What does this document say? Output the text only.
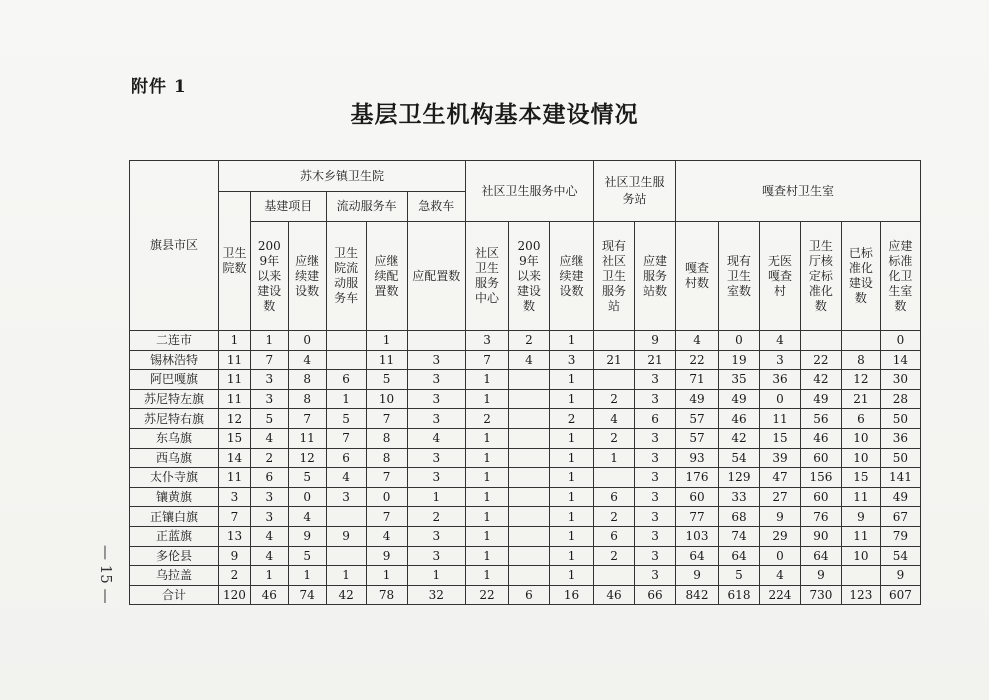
附件 1
基层卫生机构基本建设情况
— 15 —
旗县市区	苏木乡镇卫生院						社区卫生服务中心			社区卫生服务站		嘎查村卫生室					
	卫生院数	基建项目		流动服务车		急救车											
		2009年以来建设数	应继续建设数	卫生院流动服务车	应继续配置数	应配置数	社区卫生服务中心	2009年以来建设数	应继续建设数	现有社区卫生服务站	应建服务站数	嘎查村数	现有卫生室数	无医嘎查村	卫生厅核定标准化数	已标准化建设数	应建标准化卫生室数
二连市	1	1	0		1		3	2	1		9	4	0	4			0
锡林浩特	11	7	4		11	3	7	4	3	21	21	22	19	3	22	8	14
阿巴嘎旗	11	3	8	6	5	3	1		1		3	71	35	36	42	12	30
苏尼特左旗	11	3	8	1	10	3	1		1	2	3	49	49	0	49	21	28
苏尼特右旗	12	5	7	5	7	3	2		2	4	6	57	46	11	56	6	50
东乌旗	15	4	11	7	8	4	1		1	2	3	57	42	15	46	10	36
西乌旗	14	2	12	6	8	3	1		1	1	3	93	54	39	60	10	50
太仆寺旗	11	6	5	4	7	3	1		1		3	176	129	47	156	15	141
镶黄旗	3	3	0	3	0	1	1		1	6	3	60	33	27	60	11	49
正镶白旗	7	3	4		7	2	1		1	2	3	77	68	9	76	9	67
正蓝旗	13	4	9	9	4	3	1		1	6	3	103	74	29	90	11	79
多伦县	9	4	5		9	3	1		1	2	3	64	64	0	64	10	54
乌拉盖	2	1	1	1	1	1	1		1		3	9	5	4	9		9
合计	120	46	74	42	78	32	22	6	16	46	66	842	618	224	730	123	607
